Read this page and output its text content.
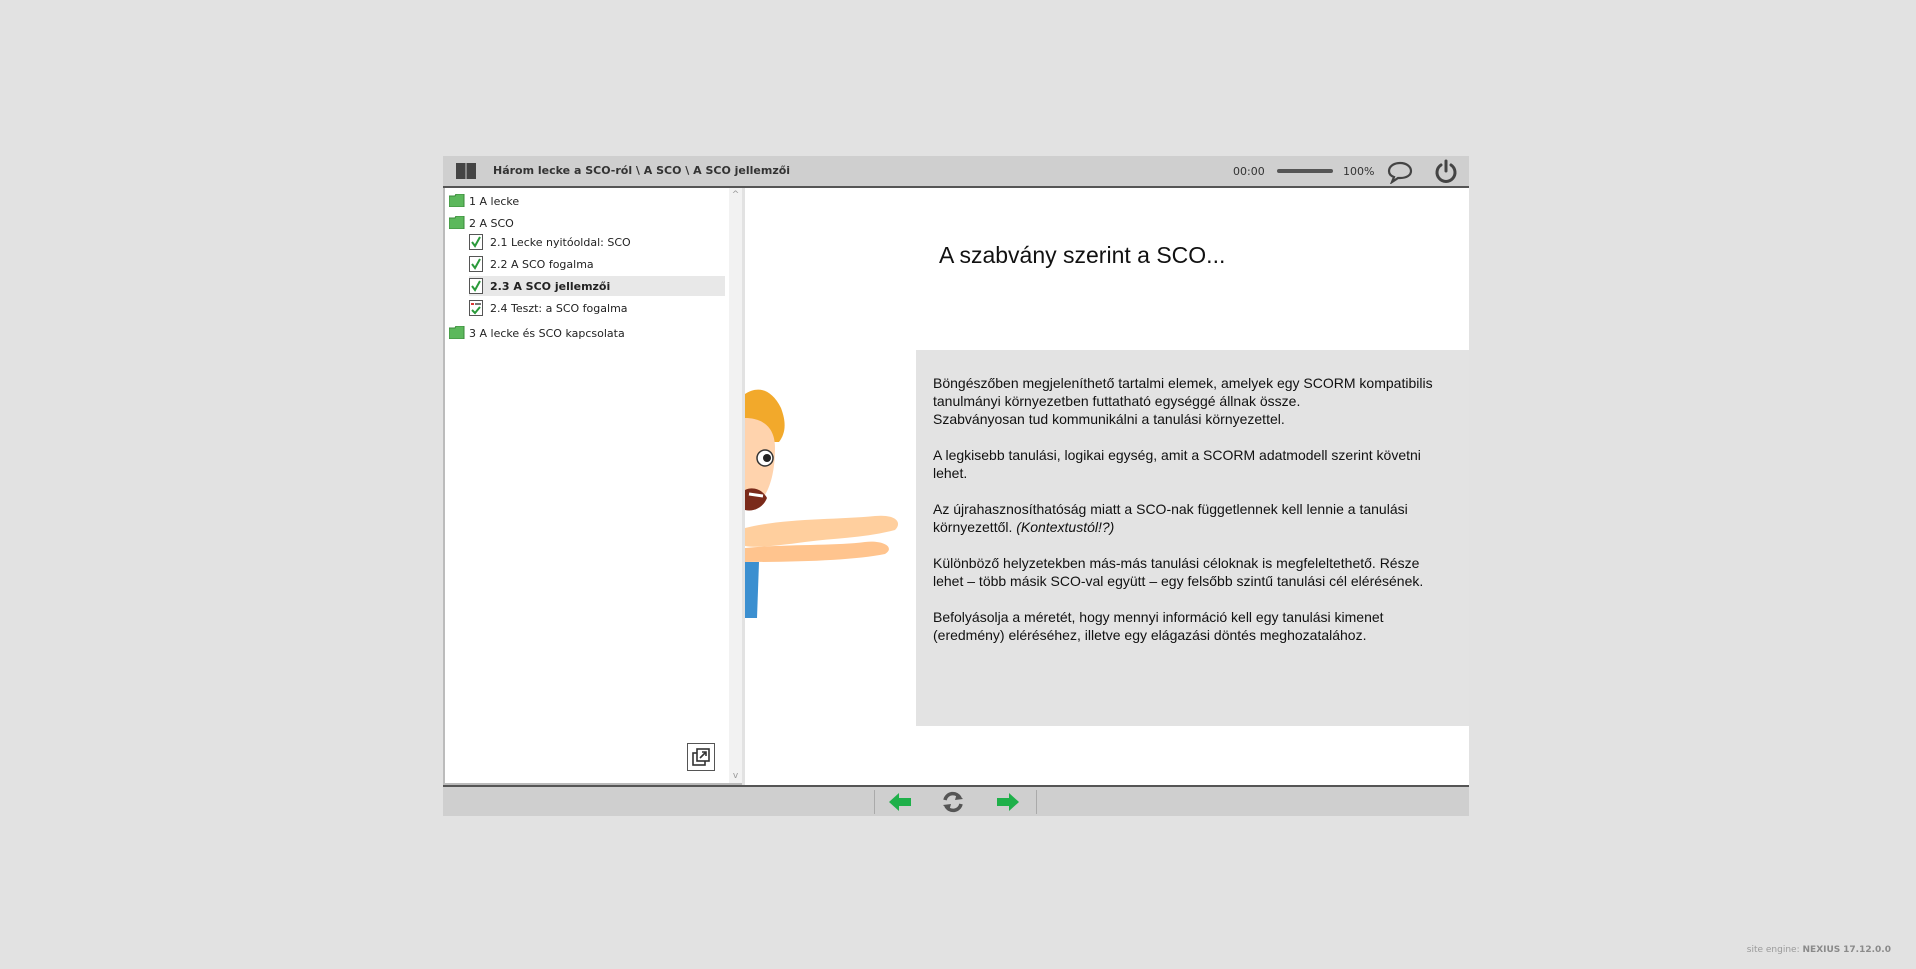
Három lecke a SCO-ról \ A SCO \ A SCO jellemzői	00:00	100%
1 A lecke
2 A SCO
2.1 Lecke nyitóoldal: SCO
2.2 A SCO fogalma
2.3 A SCO jellemzői
2.4 Teszt: a SCO fogalma
3 A lecke és SCO kapcsolata
^
v
A szabvány szerint a SCO...

Böngészőben megjeleníthető tartalmi elemek, amelyek egy SCORM kompatibilis tanulmányi környezetben futtatható egységgé állnak össze.

Szabványosan tud kommunikálni a tanulási környezettel.

A legkisebb tanulási, logikai egység, amit a SCORM adatmodell szerint követni lehet.

Az újrahasznosíthatóság miatt a SCO-nak függetlennek kell lennie a tanulási környezettől. (Kontextustól!?)

Különböző helyzetekben más-más tanulási céloknak is megfeleltethető. Része lehet – több másik SCO-val együtt – egy felsőbb szintű tanulási cél elérésének.

Befolyásolja a méretét, hogy mennyi információ kell egy tanulási kimenet (eredmény) eléréséhez, illetve egy elágazási döntés meghozatalához.

site engine: NEXIUS 17.12.0.0
